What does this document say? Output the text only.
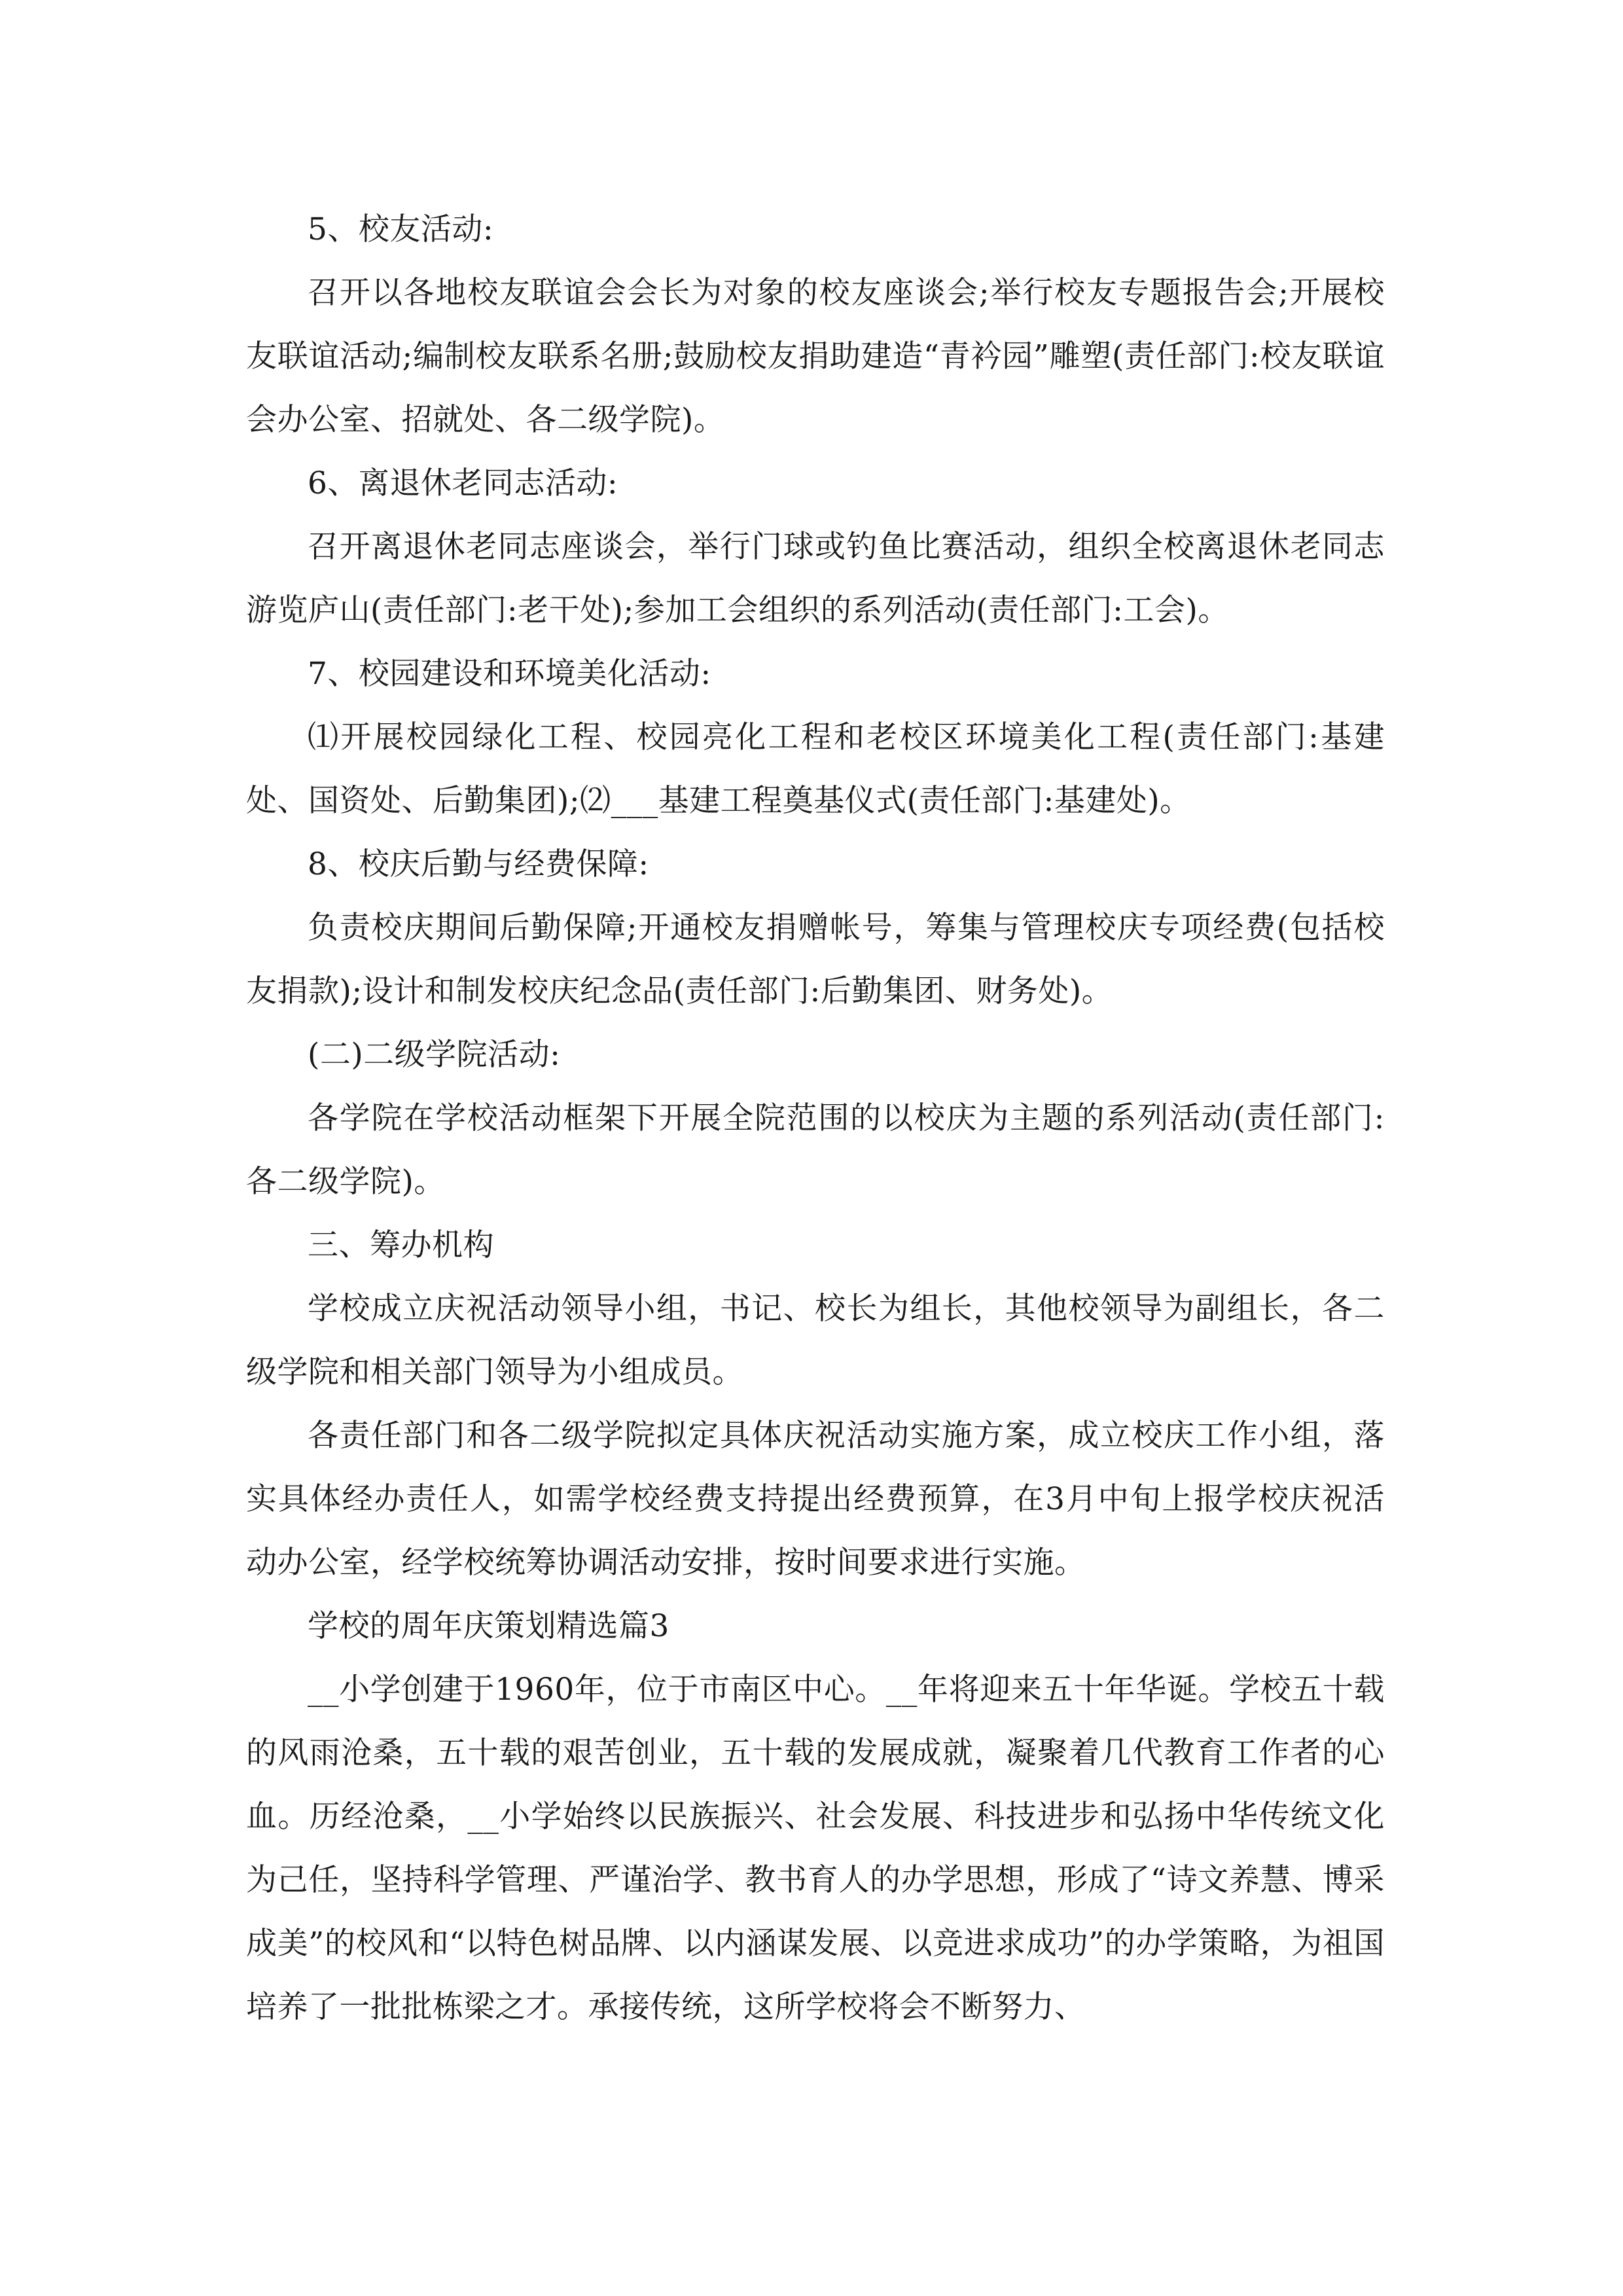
5、校友活动:

召开以各地校友联谊会会长为对象的校友座谈会;举行校友专题报告会;开展校友联谊活动;编制校友联系名册;鼓励校友捐助建造“青衿园”雕塑(责任部门:校友联谊会办公室、招就处、各二级学院)。

6、离退休老同志活动:

召开离退休老同志座谈会，举行门球或钓鱼比赛活动，组织全校离退休老同志游览庐山(责任部门:老干处);参加工会组织的系列活动(责任部门:工会)。

7、校园建设和环境美化活动:

⑴开展校园绿化工程、校园亮化工程和老校区环境美化工程(责任部门:基建处、国资处、后勤集团);⑵___基建工程奠基仪式(责任部门:基建处)。

8、校庆后勤与经费保障:

负责校庆期间后勤保障;开通校友捐赠帐号，筹集与管理校庆专项经费(包括校友捐款);设计和制发校庆纪念品(责任部门:后勤集团、财务处)。

(二)二级学院活动:

各学院在学校活动框架下开展全院范围的以校庆为主题的系列活动(责任部门:各二级学院)。

三、筹办机构

学校成立庆祝活动领导小组，书记、校长为组长，其他校领导为副组长，各二级学院和相关部门领导为小组成员。

各责任部门和各二级学院拟定具体庆祝活动实施方案，成立校庆工作小组，落实具体经办责任人，如需学校经费支持提出经费预算，在3月中旬上报学校庆祝活动办公室，经学校统筹协调活动安排，按时间要求进行实施。

学校的周年庆策划精选篇3

__小学创建于1960年，位于市南区中心。__年将迎来五十年华诞。学校五十载的风雨沧桑，五十载的艰苦创业，五十载的发展成就，凝聚着几代教育工作者的心血。历经沧桑，__小学始终以民族振兴、社会发展、科技进步和弘扬中华传统文化为己任，坚持科学管理、严谨治学、教书育人的办学思想，形成了“诗文养慧、博采成美”的校风和“以特色树品牌、以内涵谋发展、以竞进求成功”的办学策略，为祖国培养了一批批栋梁之才。承接传统，这所学校将会不断努力、
